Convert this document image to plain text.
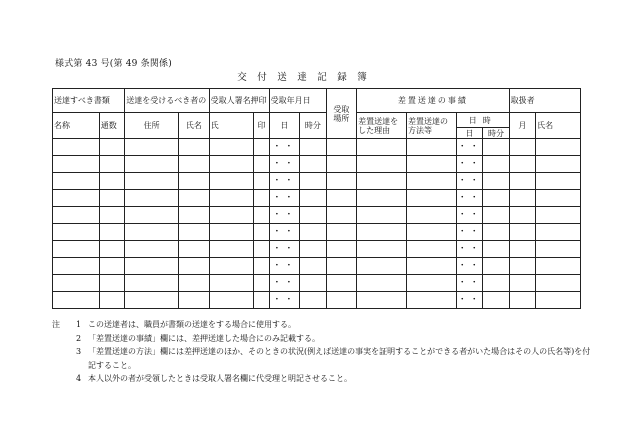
様式第 43 号(第 49 条関係)
交 付 送 達 記 録 簿
送達すべき書類		送達を受けるべき者の		受取人署名押印		受取年月日		受取場所	差置送達の事績				取扱者	
名称	通数	住所	氏名	氏	印	日	時分		差置送達をした理由	差置送達の方法等	日時		月	氏名
											日	時分		
						・・					・・			
						・・					・・			
						・・					・・			
						・・					・・			
						・・					・・			
						・・					・・			
						・・					・・			
						・・					・・			
						・・					・・			
						・・					・・			
注 1 この送達者は、職員が書類の送達をする場合に使用する。
2 「差置送達の事績」欄には、差押送達した場合にのみ記載する。
3 「差置送達の方法」欄には差押送達のほか、そのときの状況(例えば送達の事実を証明することができる者がいた場合はその人の氏名等)を付記すること。
4 本人以外の者が受領したときは受取人署名欄に代受理と明記させること。
